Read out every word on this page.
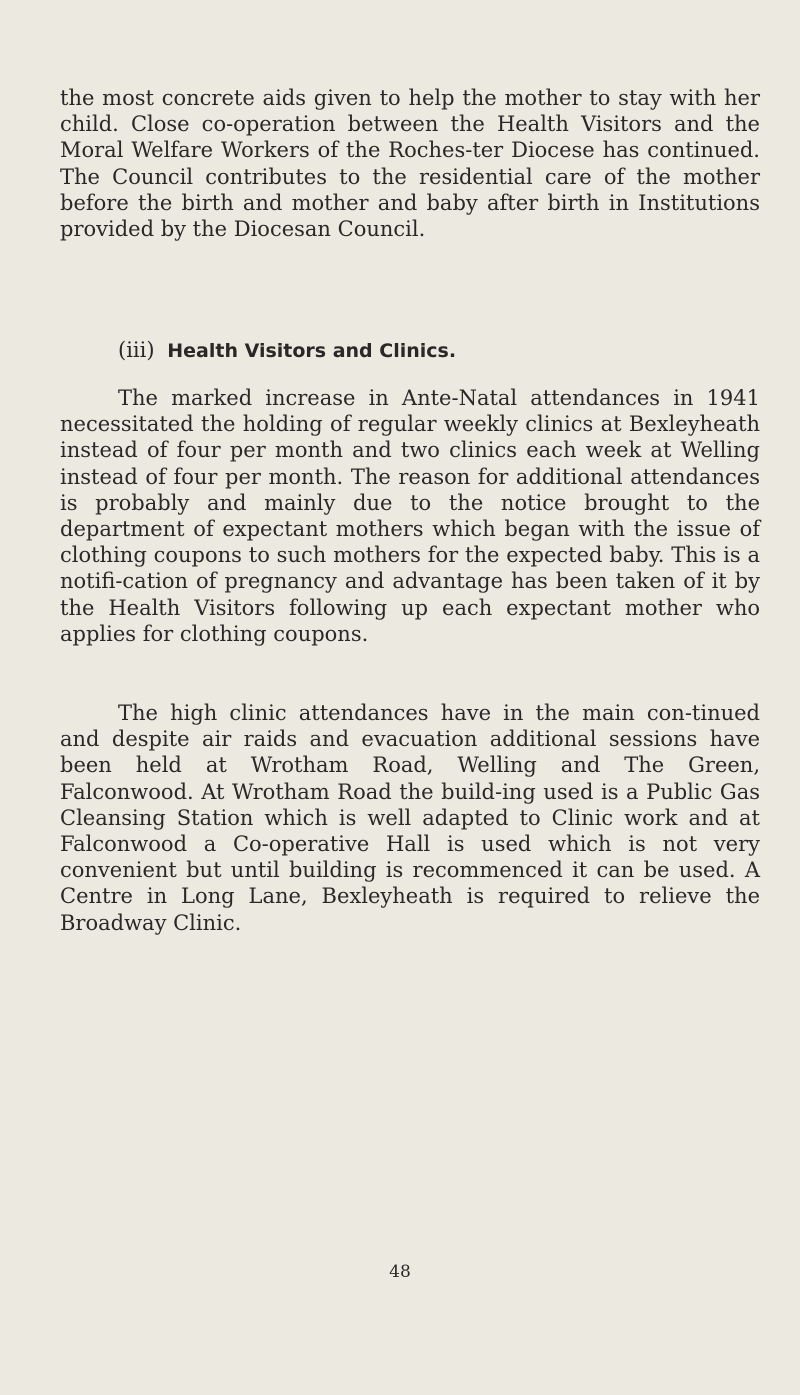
the most concrete aids given to help the mother to stay with her child. Close co-operation between the Health Visitors and the Moral Welfare Workers of the Roches-ter Diocese has continued. The Council contributes to the residential care of the mother before the birth and mother and baby after birth in Institutions provided by the Diocesan Council.

(iii) Health Visitors and Clinics.

The marked increase in Ante-Natal attendances in 1941 necessitated the holding of regular weekly clinics at Bexleyheath instead of four per month and two clinics each week at Welling instead of four per month. The reason for additional attendances is probably and mainly due to the notice brought to the department of expectant mothers which began with the issue of clothing coupons to such mothers for the expected baby. This is a notifi-cation of pregnancy and advantage has been taken of it by the Health Visitors following up each expectant mother who applies for clothing coupons.

The high clinic attendances have in the main con-tinued and despite air raids and evacuation additional sessions have been held at Wrotham Road, Welling and The Green, Falconwood. At Wrotham Road the build-ing used is a Public Gas Cleansing Station which is well adapted to Clinic work and at Falconwood a Co-operative Hall is used which is not very convenient but until building is recommenced it can be used. A Centre in Long Lane, Bexleyheath is required to relieve the Broadway Clinic.

48
